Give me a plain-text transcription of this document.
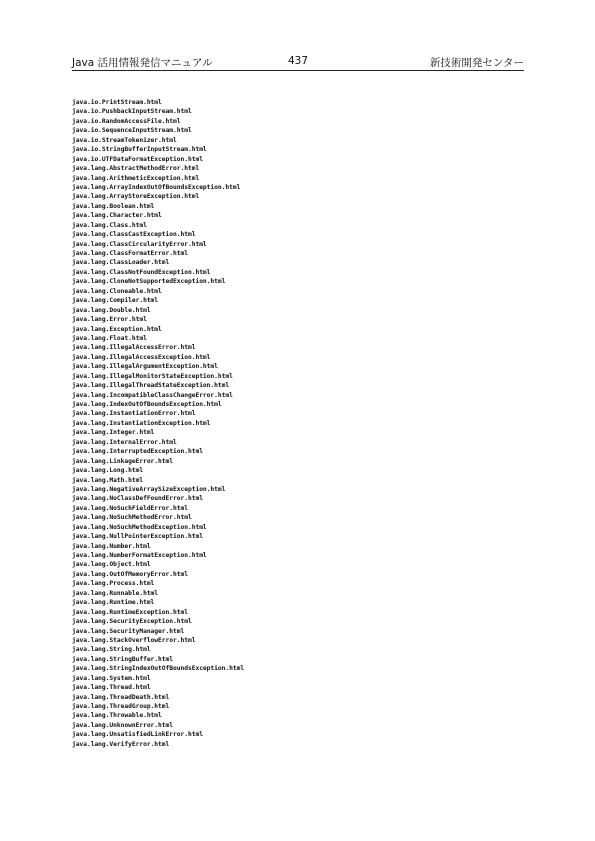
Java 活用情報発信マニュアル	437	新技術開発センター
java.io.PrintStream.html
java.io.PushbackInputStream.html
java.io.RandomAccessFile.html
java.io.SequenceInputStream.html
java.io.StreamTokenizer.html
java.io.StringBufferInputStream.html
java.io.UTFDataFormatException.html
java.lang.AbstractMethodError.html
java.lang.ArithmeticException.html
java.lang.ArrayIndexOutOfBoundsException.html
java.lang.ArrayStoreException.html
java.lang.Boolean.html
java.lang.Character.html
java.lang.Class.html
java.lang.ClassCastException.html
java.lang.ClassCircularityError.html
java.lang.ClassFormatError.html
java.lang.ClassLoader.html
java.lang.ClassNotFoundException.html
java.lang.CloneNotSupportedException.html
java.lang.Cloneable.html
java.lang.Compiler.html
java.lang.Double.html
java.lang.Error.html
java.lang.Exception.html
java.lang.Float.html
java.lang.IllegalAccessError.html
java.lang.IllegalAccessException.html
java.lang.IllegalArgumentException.html
java.lang.IllegalMonitorStateException.html
java.lang.IllegalThreadStateException.html
java.lang.IncompatibleClassChangeError.html
java.lang.IndexOutOfBoundsException.html
java.lang.InstantiationError.html
java.lang.InstantiationException.html
java.lang.Integer.html
java.lang.InternalError.html
java.lang.InterruptedException.html
java.lang.LinkageError.html
java.lang.Long.html
java.lang.Math.html
java.lang.NegativeArraySizeException.html
java.lang.NoClassDefFoundError.html
java.lang.NoSuchFieldError.html
java.lang.NoSuchMethodError.html
java.lang.NoSuchMethodException.html
java.lang.NullPointerException.html
java.lang.Number.html
java.lang.NumberFormatException.html
java.lang.Object.html
java.lang.OutOfMemoryError.html
java.lang.Process.html
java.lang.Runnable.html
java.lang.Runtime.html
java.lang.RuntimeException.html
java.lang.SecurityException.html
java.lang.SecurityManager.html
java.lang.StackOverflowError.html
java.lang.String.html
java.lang.StringBuffer.html
java.lang.StringIndexOutOfBoundsException.html
java.lang.System.html
java.lang.Thread.html
java.lang.ThreadDeath.html
java.lang.ThreadGroup.html
java.lang.Throwable.html
java.lang.UnknownError.html
java.lang.UnsatisfiedLinkError.html
java.lang.VerifyError.html
